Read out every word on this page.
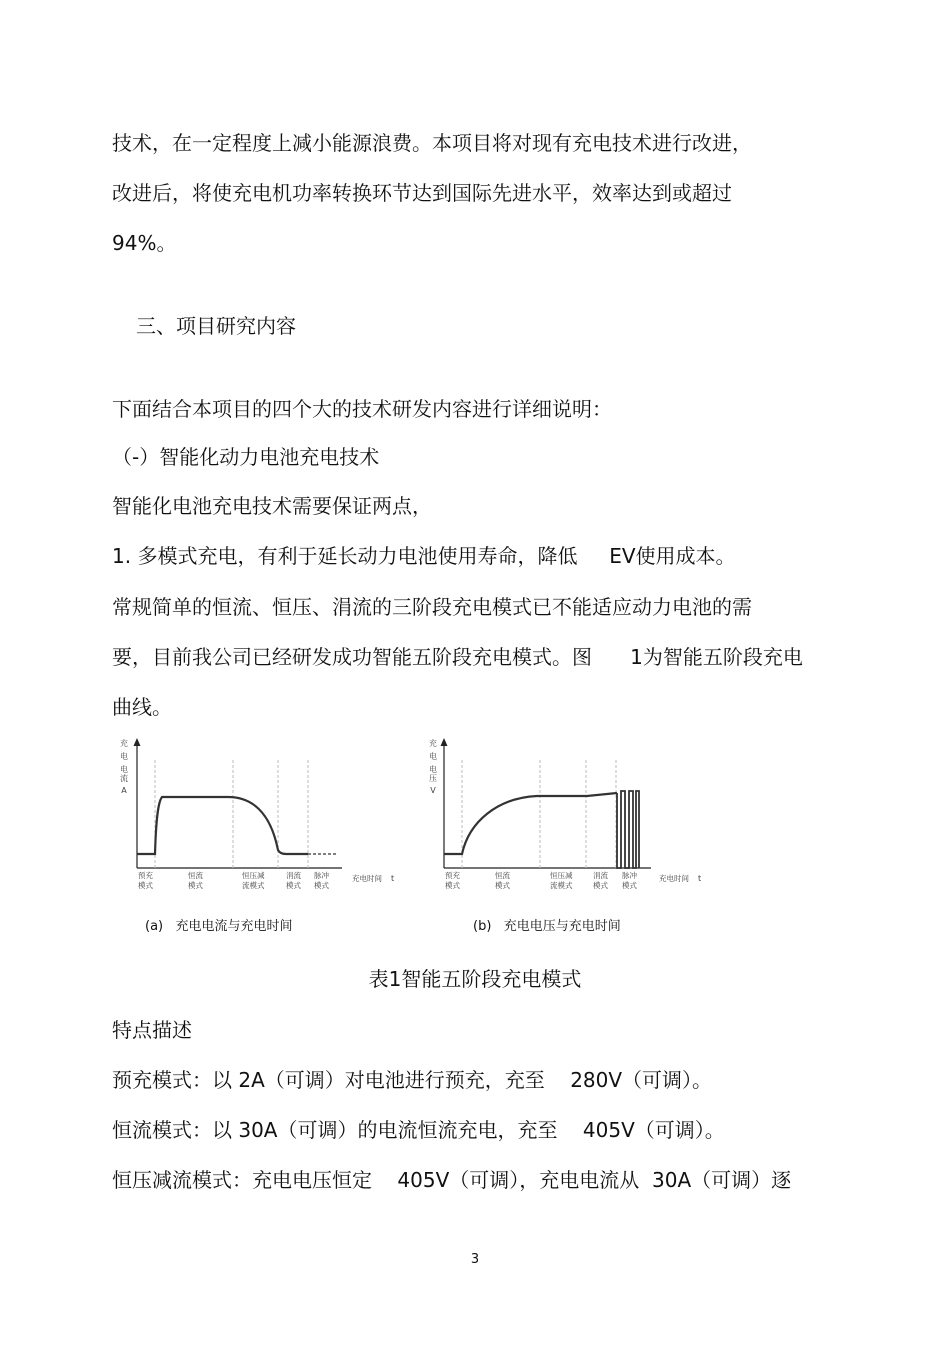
技术，在一定程度上减小能源浪费。本项目将对现有充电技术进行改进，
改进后，将使充电机功率转换环节达到国际先进水平，效率达到或超过
94%。
三、项目研究内容
下面结合本项目的四个大的技术研发内容进行详细说明：
（-）智能化动力电池充电技术
智能化电池充电技术需要保证两点，
1. 多模式充电，有利于延长动力电池使用寿命，降低     EV使用成本。
常规简单的恒流、恒压、涓流的三阶段充电模式已不能适应动力电池的需
要，目前我公司已经研发成功智能五阶段充电模式。图      1为智能五阶段充电
曲线。
充
电
电
流
A
预充模式
恒流模式
恒压减流模式
涓流模式
脉冲模式
充电时间 t
充
电
电
压
V
预充模式
恒流模式
恒压减流模式
涓流模式
脉冲模式
充电时间 t
(a)   充电电流与充电时间	(b)   充电电压与充电时间
表1智能五阶段充电模式
特点描述
预充模式：以 2A（可调）对电池进行预充，充至    280V（可调）。
恒流模式：以 30A（可调）的电流恒流充电，充至    405V（可调）。
恒压减流模式：充电电压恒定    405V（可调），充电电流从  30A（可调）逐
3
